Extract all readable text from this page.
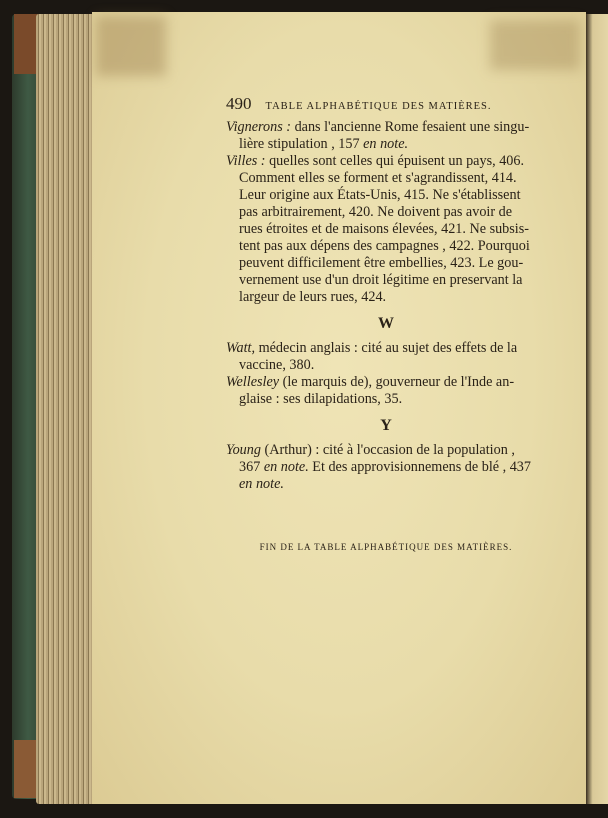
490 TABLE ALPHABÉTIQUE DES MATIÈRES.
Vignerons : dans l'ancienne Rome fesaient une singu-
lière stipulation , 157 en note.
Villes : quelles sont celles qui épuisent un pays, 406.
Comment elles se forment et s'agrandissent, 414.
Leur origine aux États-Unis, 415. Ne s'établissent
pas arbitrairement, 420. Ne doivent pas avoir de
rues étroites et de maisons élevées, 421. Ne subsis-
tent pas aux dépens des campagnes , 422. Pourquoi
peuvent difficilement être embellies, 423. Le gou-
vernement use d'un droit légitime en preservant la
largeur de leurs rues, 424.
W
Watt, médecin anglais : cité au sujet des effets de la
vaccine, 380.
Wellesley (le marquis de), gouverneur de l'Inde an-
glaise : ses dilapidations, 35.
Y
Young (Arthur) : cité à l'occasion de la population ,
367 en note. Et des approvisionnemens de blé , 437
en note.
FIN DE LA TABLE ALPHABÉTIQUE DES MATIÈRES.
